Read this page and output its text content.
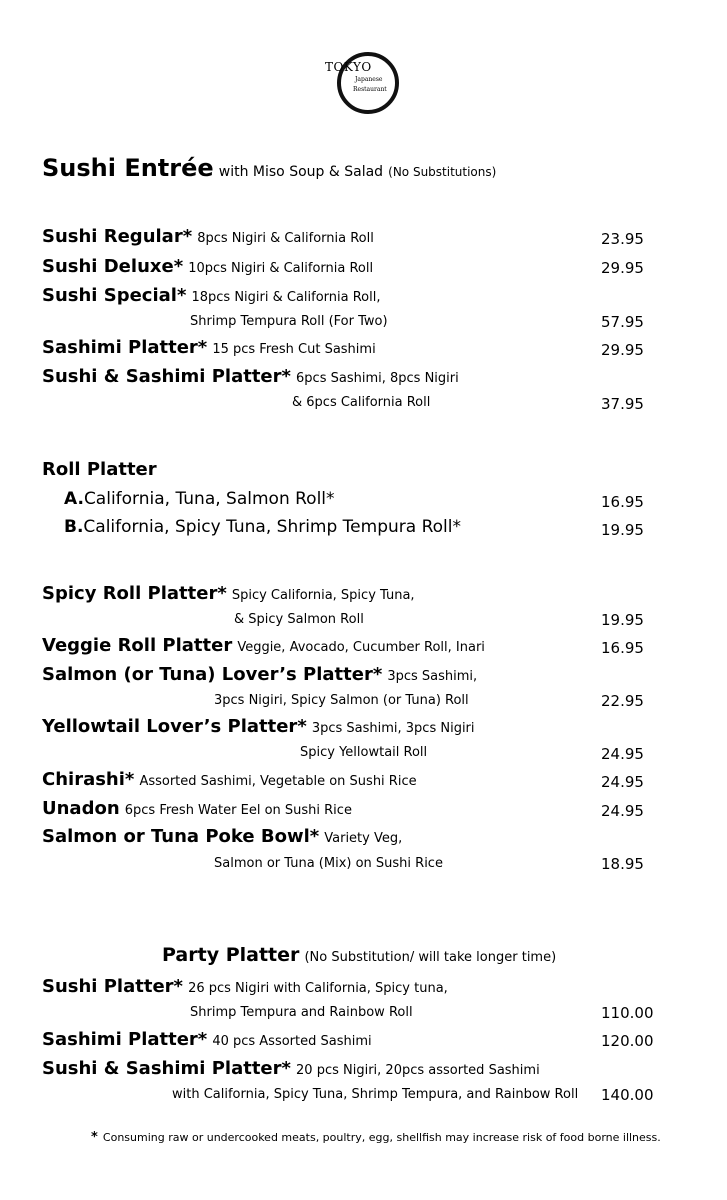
TOKYO
Japanese
Restaurant
Sushi Entrée with Miso Soup & Salad (No Substitutions)
Sushi Regular* 8pcs Nigiri & California Roll	23.95
Sushi Deluxe* 10pcs Nigiri & California Roll	29.95
Sushi Special* 18pcs Nigiri & California Roll,
Shrimp Tempura Roll (For Two)	57.95
Sashimi Platter* 15 pcs Fresh Cut Sashimi	29.95
Sushi & Sashimi Platter* 6pcs Sashimi, 8pcs Nigiri
& 6pcs California Roll	37.95
Roll Platter
A.California, Tuna, Salmon Roll*	16.95
B.California, Spicy Tuna, Shrimp Tempura Roll*	19.95
Spicy Roll Platter* Spicy California, Spicy Tuna,
& Spicy Salmon Roll	19.95
Veggie Roll Platter Veggie, Avocado, Cucumber Roll, Inari	16.95
Salmon (or Tuna) Lover’s Platter* 3pcs Sashimi,
3pcs Nigiri, Spicy Salmon (or Tuna) Roll	22.95
Yellowtail Lover’s Platter* 3pcs Sashimi, 3pcs Nigiri
Spicy Yellowtail Roll	24.95
Chirashi* Assorted Sashimi, Vegetable on Sushi Rice	24.95
Unadon 6pcs Fresh Water Eel on Sushi Rice	24.95
Salmon or Tuna Poke Bowl* Variety Veg,
Salmon or Tuna (Mix) on Sushi Rice	18.95
Party Platter (No Substitution/ will take longer time)
Sushi Platter* 26 pcs Nigiri with California, Spicy tuna,
Shrimp Tempura and Rainbow Roll	110.00
Sashimi Platter* 40 pcs Assorted Sashimi	120.00
Sushi & Sashimi Platter* 20 pcs Nigiri, 20pcs assorted Sashimi
with California, Spicy Tuna, Shrimp Tempura, and Rainbow Roll 140.00
* Consuming raw or undercooked meats, poultry, egg, shellfish may increase risk of food borne illness.
